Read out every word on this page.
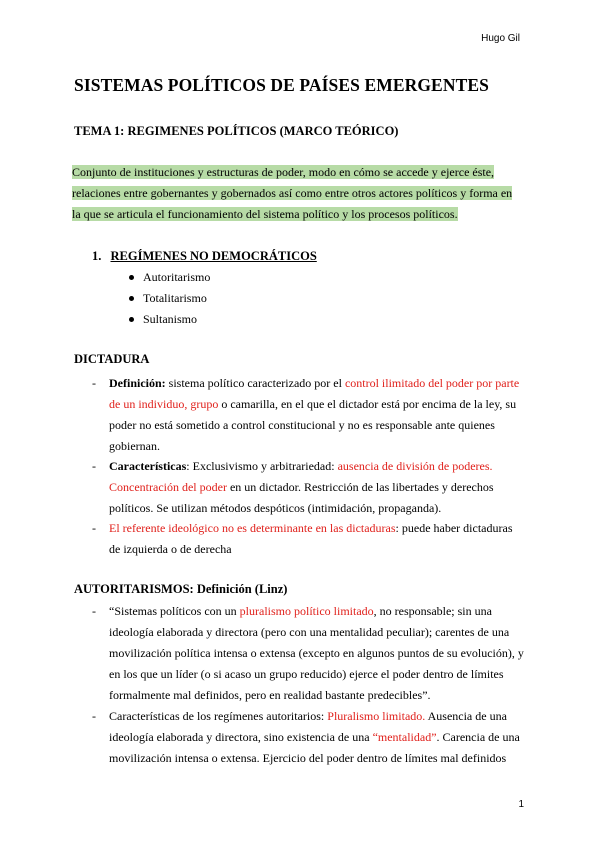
Hugo Gil
SISTEMAS POLÍTICOS DE PAÍSES EMERGENTES
TEMA 1: REGIMENES POLÍTICOS (MARCO TEÓRICO)
Conjunto de instituciones y estructuras de poder, modo en cómo se accede y ejerce éste,
relaciones entre gobernantes y gobernados así como entre otros actores políticos y forma en
la que se articula el funcionamiento del sistema político y los procesos políticos.
1. REGÍMENES NO DEMOCRÁTICOS
Autoritarismo
Totalitarismo
Sultanismo
DICTADURA
- Definición: sistema político caracterizado por el control ilimitado del poder por parte
de un individuo, grupo o camarilla, en el que el dictador está por encima de la ley, su
poder no está sometido a control constitucional y no es responsable ante quienes
gobiernan.
- Características: Exclusivismo y arbitrariedad: ausencia de división de poderes.
Concentración del poder en un dictador. Restricción de las libertades y derechos
políticos. Se utilizan métodos despóticos (intimidación, propaganda).
- El referente ideológico no es determinante en las dictaduras: puede haber dictaduras
de izquierda o de derecha
AUTORITARISMOS: Definición (Linz)
- “Sistemas políticos con un pluralismo político limitado, no responsable; sin una
ideología elaborada y directora (pero con una mentalidad peculiar); carentes de una
movilización política intensa o extensa (excepto en algunos puntos de su evolución), y
en los que un líder (o si acaso un grupo reducido) ejerce el poder dentro de límites
formalmente mal definidos, pero en realidad bastante predecibles”.
- Características de los regímenes autoritarios: Pluralismo limitado. Ausencia de una
ideología elaborada y directora, sino existencia de una “mentalidad”. Carencia de una
movilización intensa o extensa. Ejercicio del poder dentro de límites mal definidos
1
